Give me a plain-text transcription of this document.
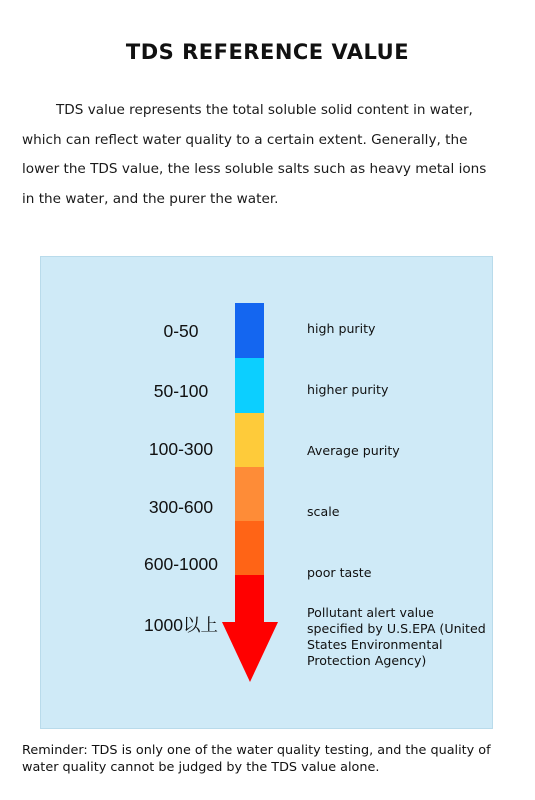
TDS REFERENCE VALUE

TDS value represents the total soluble solid content in water, which can reflect water quality to a certain extent. Generally, the lower the TDS value, the less soluble salts such as heavy metal ions in the water, and the purer the water.

0-50
50-100
100-300
300-600
600-1000
1000以上
high purity
higher purity
Average purity
scale
poor taste
Pollutant alert value specified by U.S.EPA (United States Environmental Protection Agency)

Reminder: TDS is only one of the water quality testing, and the quality of water quality cannot be judged by the TDS value alone.
